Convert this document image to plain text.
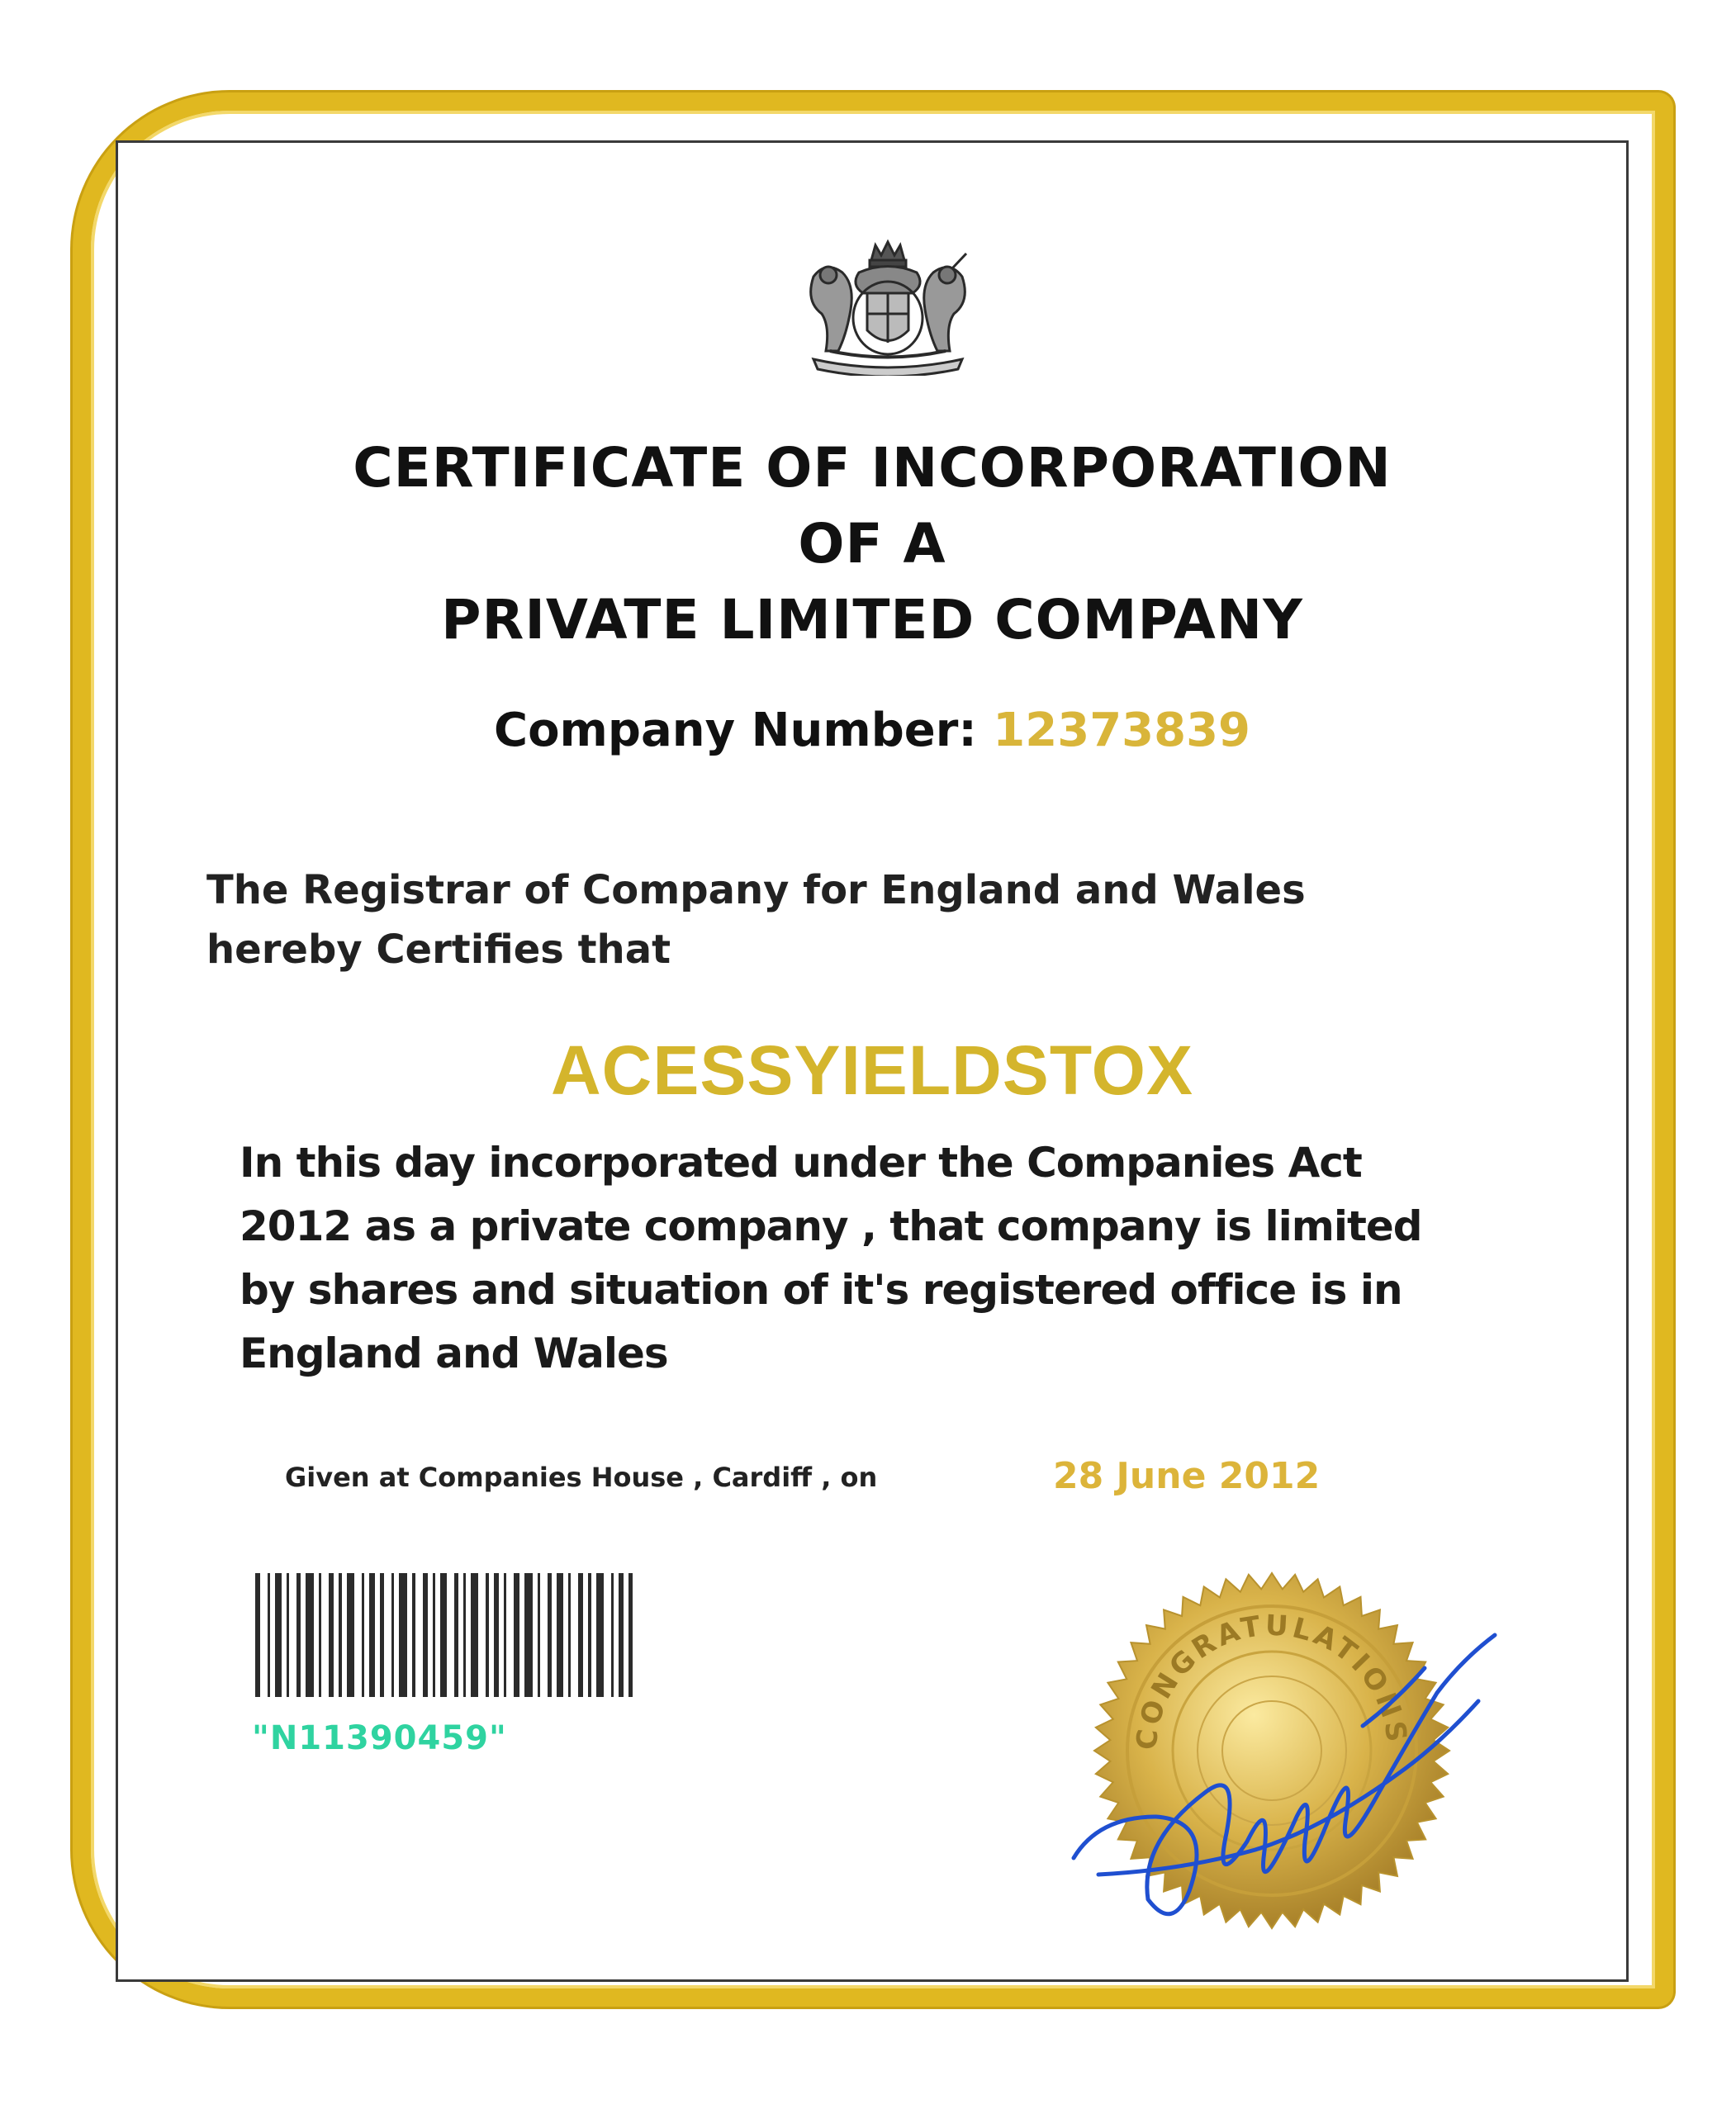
CERTIFICATE OF INCORPORATION
OF A
PRIVATE LIMITED COMPANY
Company Number: 12373839
The Registrar of Company for England and Wales
hereby Certifies that
ACESSYIELDSTOX
In this day incorporated under the Companies Act
2012 as a private company , that company is limited
by shares and situation of it's registered office is in
England and Wales
Given at Companies House , Cardiff , on	28 June 2012
"N11390459"	CONGRATULATIONS
